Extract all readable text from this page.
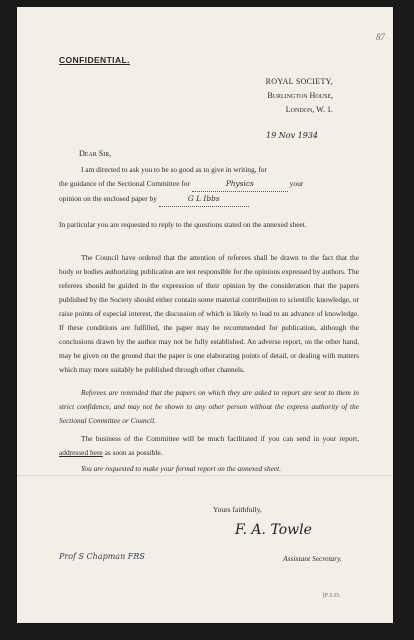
87
CONFIDENTIAL.
ROYAL SOCIETY,
Burlington House,
London, W. 1.
19 Nov 1934
Dear Sir,
I am directed to ask you to be so good as to give in writing, for
the guidance of the Sectional Committee for	Physics	your
opinion on the enclosed paper by	G L Ibbs
In particular you are requested to reply to the questions stated on the annexed sheet.
The Council have ordered that the attention of referees shall be drawn to the fact that the body or bodies authorizing publication are not responsible for the opinions expressed by authors. The referees should be guided in the expression of their opinion by the consideration that the papers published by the Society should either contain some material contribution to scientific knowledge, or raise points of especial interest, the discussion of which is likely to lead to an advance of knowledge. If these conditions are fulfilled, the paper may be recommended for publication, although the conclusions drawn by the author may not be fully established. An adverse report, on the other hand, may be given on the ground that the paper is one elaborating points of detail, or dealing with matters which may more suitably be published through other channels.
Referees are reminded that the papers on which they are asked to report are sent to them in strict confidence, and may not be shown to any other person without the express authority of the Sectional Committee or Council.
The business of the Committee will be much facilitated if you can send in your report, addressed here as soon as possible.
You are requested to make your formal report on the annexed sheet.
Yours faithfully,
F. A. Towle
Prof S Chapman FRS	Assistant Secretary.
[F.I.O.
